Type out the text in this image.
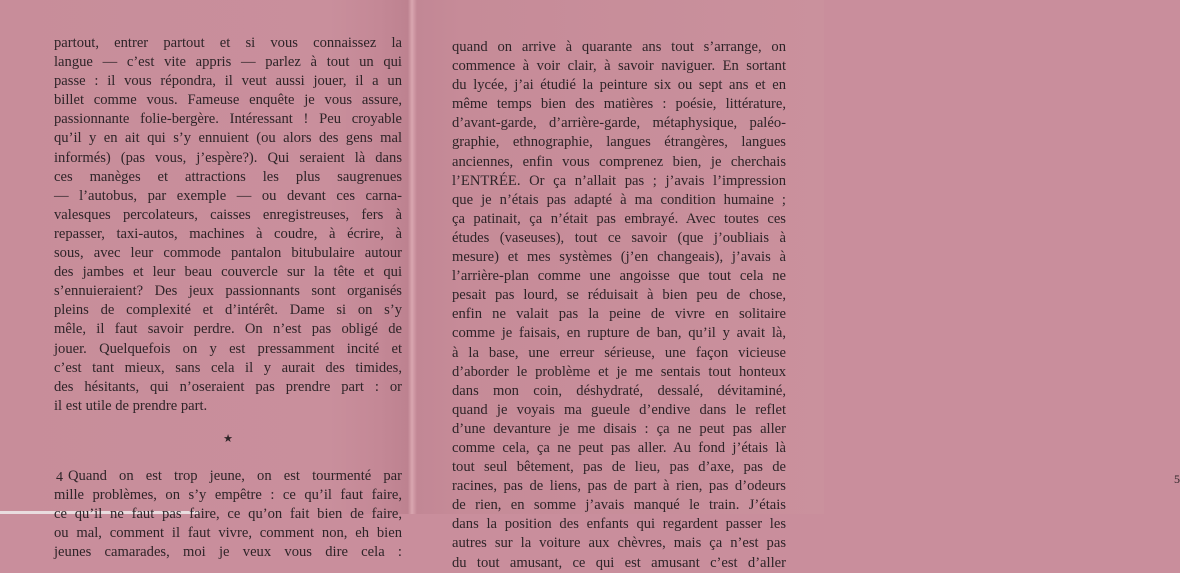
partout, entrer partout et si vous connaissez la
langue — c’est vite appris — parlez à tout un qui
passe : il vous répondra, il veut aussi jouer, il a un
billet comme vous. Fameuse enquête je vous assure,
passionnante folie-bergère. Intéressant ! Peu croyable
qu’il y en ait qui s’y ennuient (ou alors des gens mal
informés) (pas vous, j’espère?). Qui seraient là dans
ces manèges et attractions les plus saugrenues
— l’autobus, par exemple — ou devant ces carna-
valesques percolateurs, caisses enregistreuses, fers à
repasser, taxi-autos, machines à coudre, à écrire, à
sous, avec leur commode pantalon bitubulaire autour
des jambes et leur beau couvercle sur la tête et qui
s’ennuieraient? Des jeux passionnants sont organisés
pleins de complexité et d’intérêt. Dame si on s’y
mêle, il faut savoir perdre. On n’est pas obligé de
jouer. Quelquefois on y est pressamment incité et
c’est tant mieux, sans cela il y aurait des timides,
des hésitants, qui n’oseraient pas prendre part : or
il est utile de prendre part.
★
Quand on est trop jeune, on est tourmenté par
mille problèmes, on s’y empêtre : ce qu’il faut faire,
ce qu’il ne faut pas faire, ce qu’on fait bien de faire,
ou mal, comment il faut vivre, comment non, eh bien
jeunes camarades, moi je veux vous dire cela :
4
quand on arrive à quarante ans tout s’arrange, on
commence à voir clair, à savoir naviguer. En sortant
du lycée, j’ai étudié la peinture six ou sept ans et en
même temps bien des matières : poésie, littérature,
d’avant-garde, d’arrière-garde, métaphysique, paléo-
graphie, ethnographie, langues étrangères, langues
anciennes, enfin vous comprenez bien, je cherchais
l’ENTRÉE. Or ça n’allait pas ; j’avais l’impression
que je n’étais pas adapté à ma condition humaine ;
ça patinait, ça n’était pas embrayé. Avec toutes ces
études (vaseuses), tout ce savoir (que j’oubliais à
mesure) et mes systèmes (j’en changeais), j’avais à
l’arrière-plan comme une angoisse que tout cela ne
pesait pas lourd, se réduisait à bien peu de chose,
enfin ne valait pas la peine de vivre en solitaire
comme je faisais, en rupture de ban, qu’il y avait là,
à la base, une erreur sérieuse, une façon vicieuse
d’aborder le problème et je me sentais tout honteux
dans mon coin, déshydraté, dessalé, dévitaminé,
quand je voyais ma gueule d’endive dans le reflet
d’une devanture je me disais : ça ne peut pas aller
comme cela, ça ne peut pas aller. Au fond j’étais là
tout seul bêtement, pas de lieu, pas d’axe, pas de
racines, pas de liens, pas de part à rien, pas d’odeurs
de rien, en somme j’avais manqué le train. J’étais
dans la position des enfants qui regardent passer les
autres sur la voiture aux chèvres, mais ça n’est pas
du tout amusant, ce qui est amusant c’est d’aller
5
